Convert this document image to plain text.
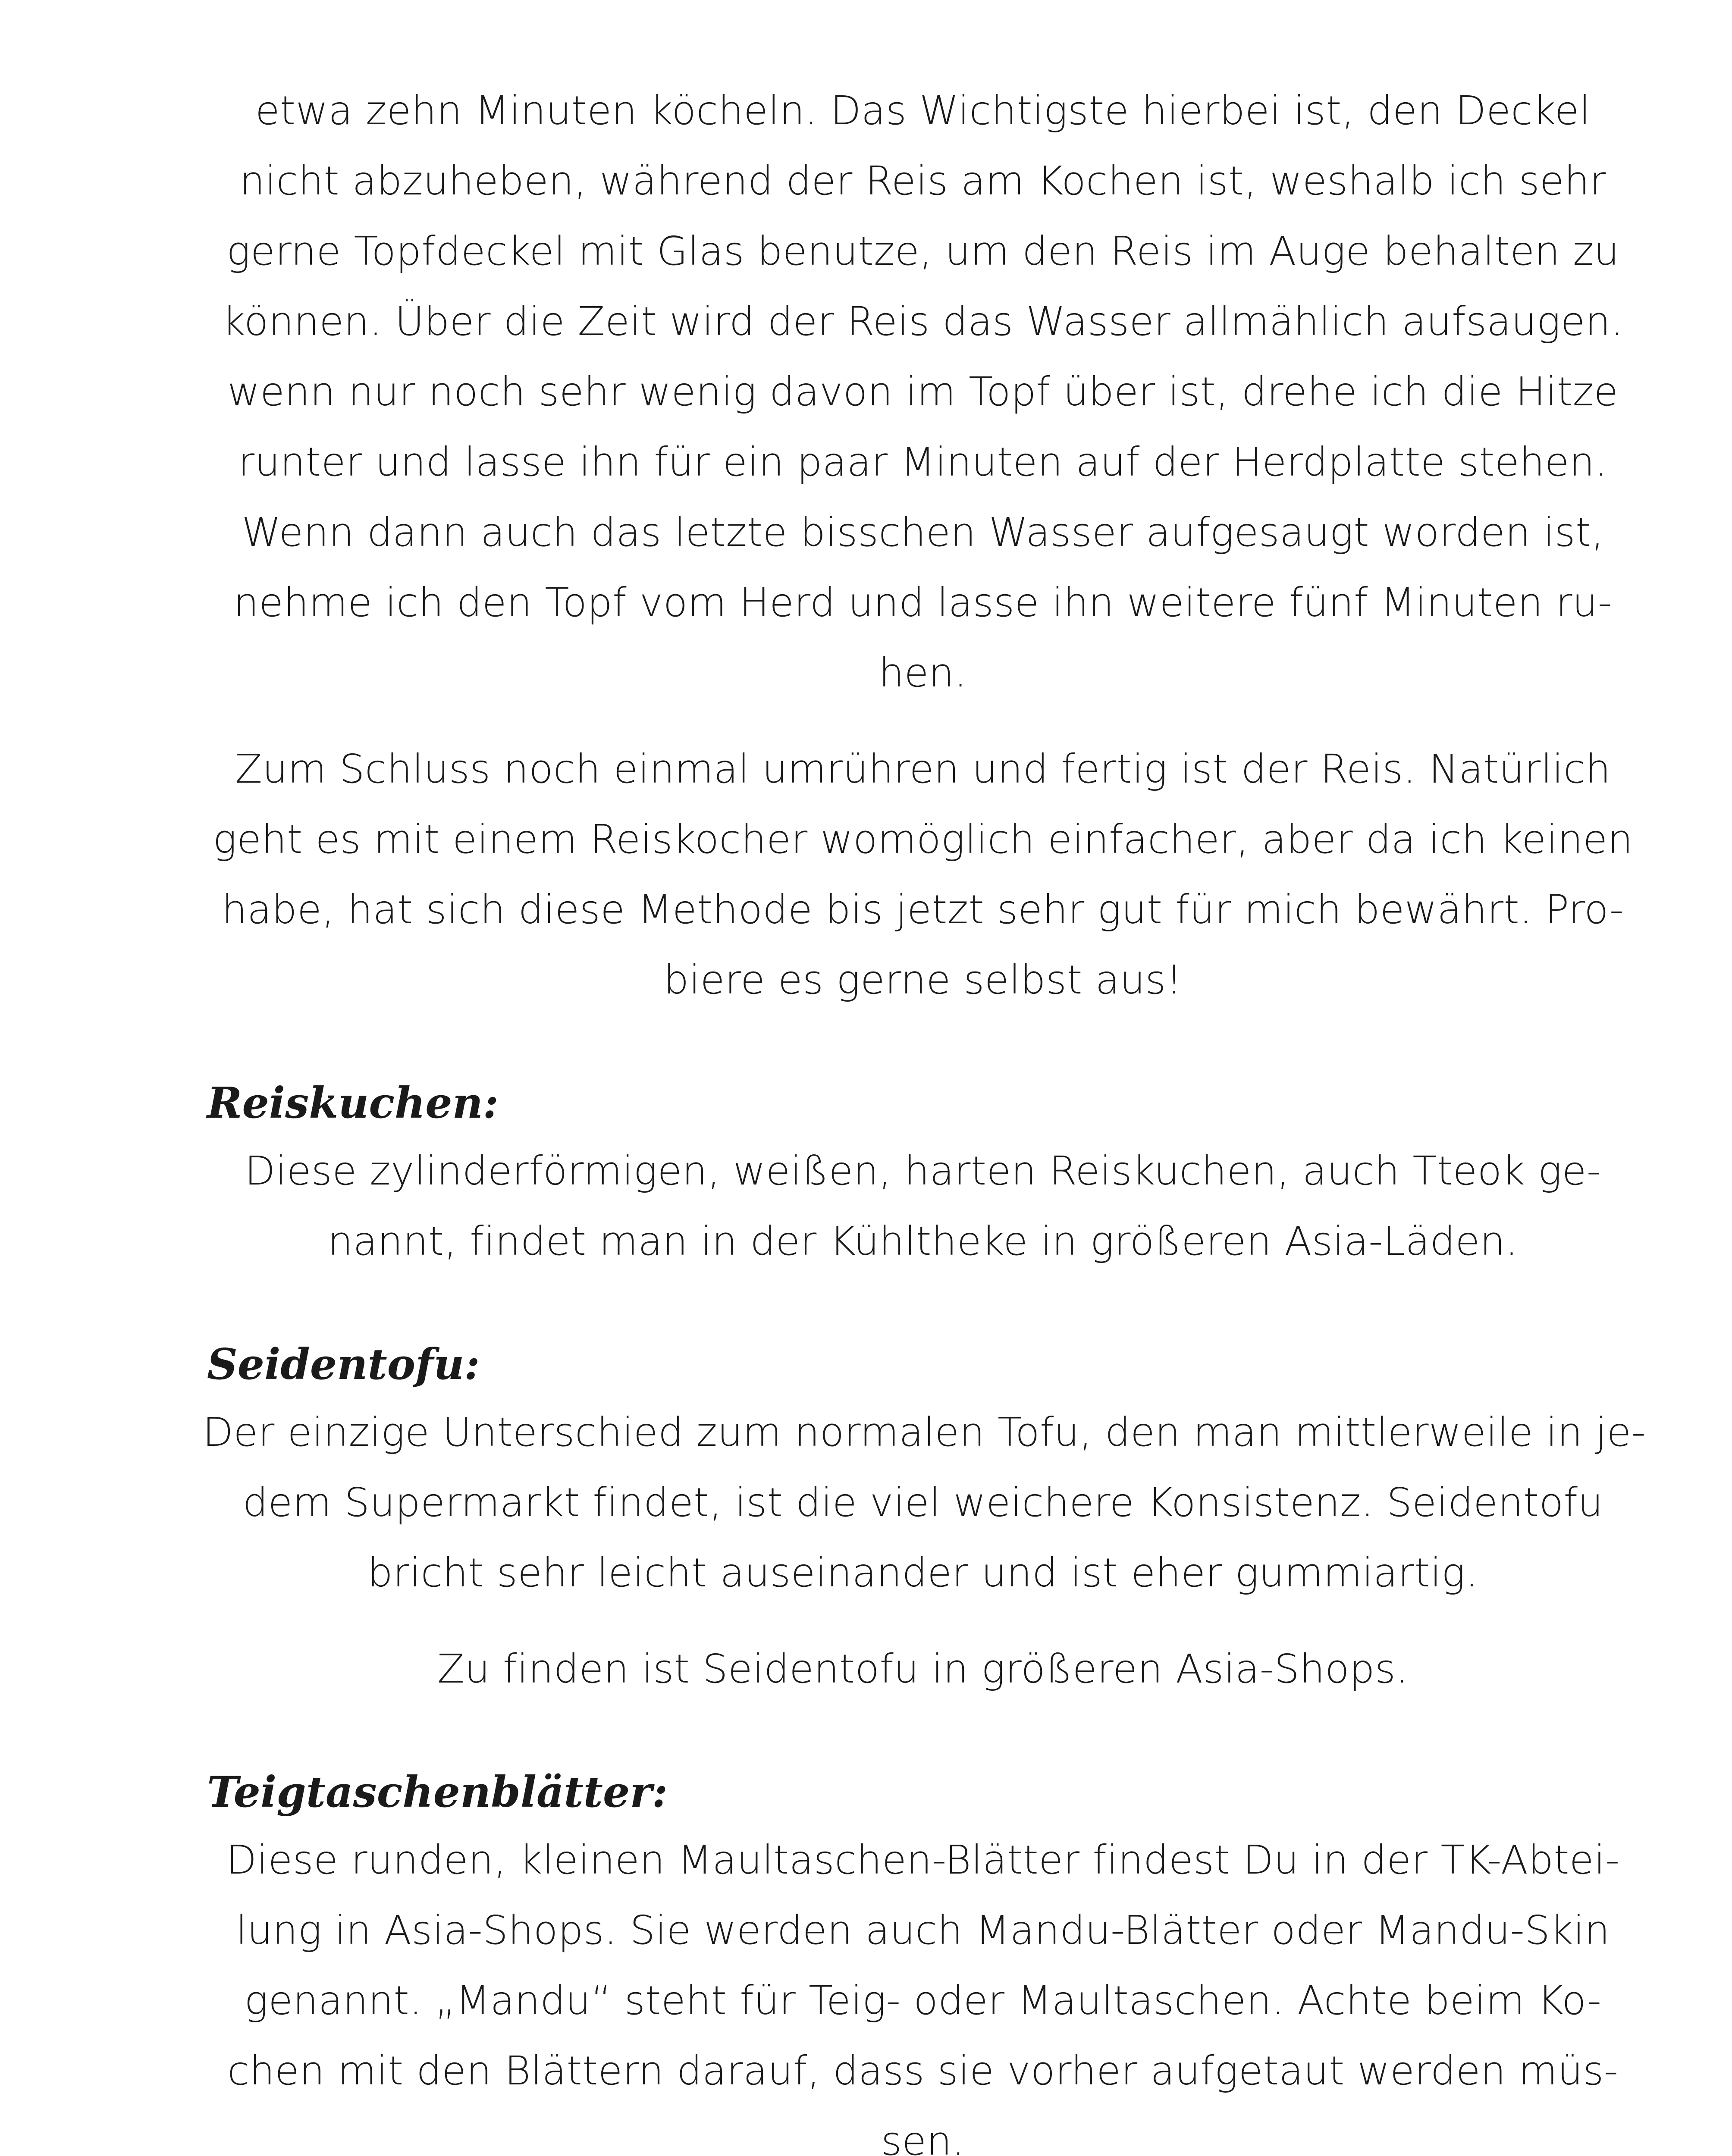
etwa zehn Minuten köcheln. Das Wichtigste hierbei ist, den Deckel
nicht abzuheben, während der Reis am Kochen ist, weshalb ich sehr
gerne Topfdeckel mit Glas benutze, um den Reis im Auge behalten zu
können. Über die Zeit wird der Reis das Wasser allmählich aufsaugen.
wenn nur noch sehr wenig davon im Topf über ist, drehe ich die Hitze
runter und lasse ihn für ein paar Minuten auf der Herdplatte stehen.
Wenn dann auch das letzte bisschen Wasser aufgesaugt worden ist,
nehme ich den Topf vom Herd und lasse ihn weitere fünf Minuten ru-
hen.

Zum Schluss noch einmal umrühren und fertig ist der Reis. Natürlich
geht es mit einem Reiskocher womöglich einfacher, aber da ich keinen
habe, hat sich diese Methode bis jetzt sehr gut für mich bewährt. Pro-
biere es gerne selbst aus!

Reiskuchen:

Diese zylinderförmigen, weißen, harten Reiskuchen, auch Tteok ge-
nannt, findet man in der Kühltheke in größeren Asia-Läden.

Seidentofu:

Der einzige Unterschied zum normalen Tofu, den man mittlerweile in je-
dem Supermarkt findet, ist die viel weichere Konsistenz. Seidentofu
bricht sehr leicht auseinander und ist eher gummiartig.

Zu finden ist Seidentofu in größeren Asia-Shops.

Teigtaschenblätter:

Diese runden, kleinen Maultaschen-Blätter findest Du in der TK-Abtei-
lung in Asia-Shops. Sie werden auch Mandu-Blätter oder Mandu-Skin
genannt. „Mandu“ steht für Teig- oder Maultaschen. Achte beim Ko-
chen mit den Blättern darauf, dass sie vorher aufgetaut werden müs-
sen.
